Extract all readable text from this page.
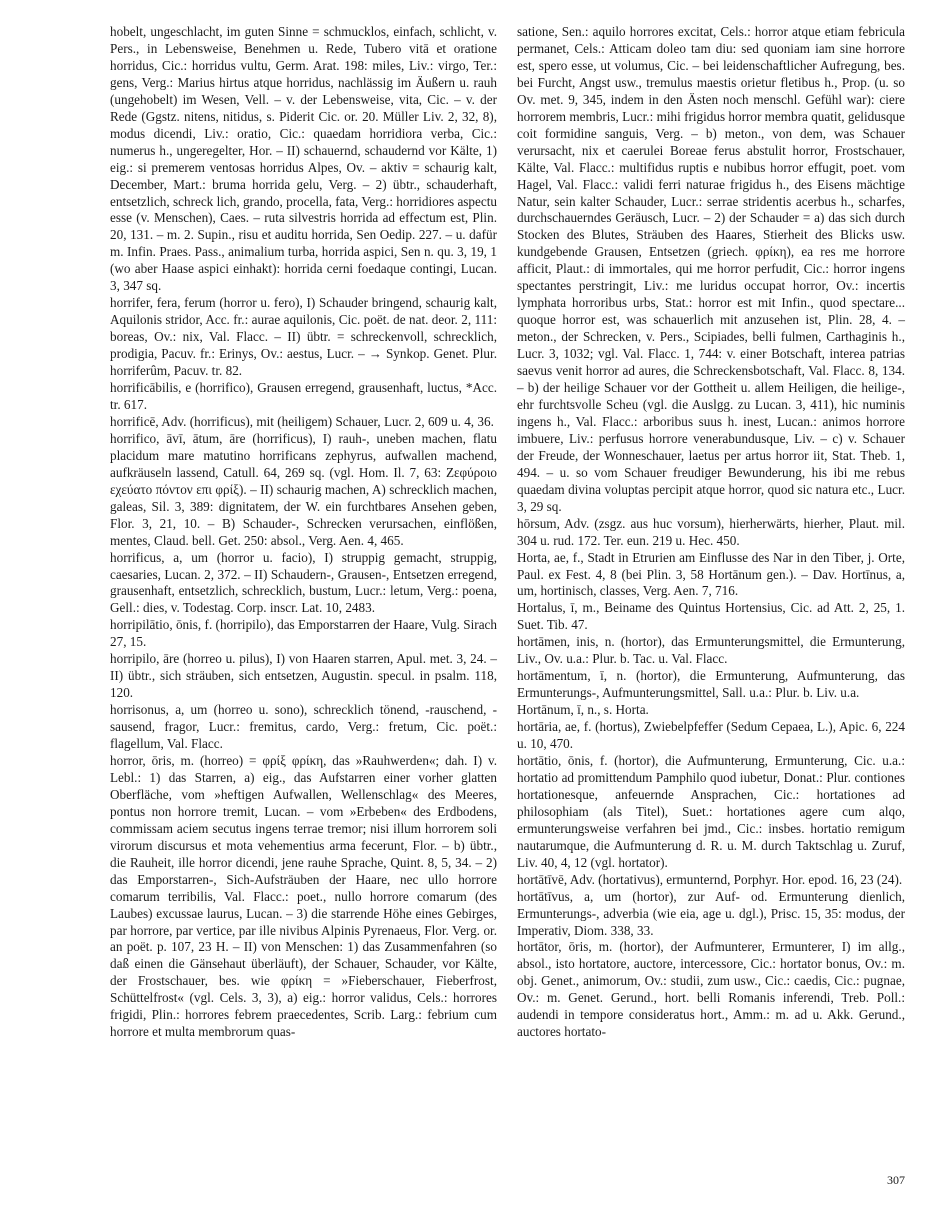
hobelt, ungeschlacht, im guten Sinne = schmucklos, einfach, schlicht, v. Pers., in Lebensweise, Benehmen u. Rede, Tubero vitā et oratione horridus, Cic.: horridus vultu, Germ. Arat. 198: miles, Liv.: virgo, Ter.: gens, Verg.: Marius hirtus atque horridus, nachlässig im Äußern u. rauh (ungehobelt) im Wesen, Vell. – v. der Lebensweise, vita, Cic. – v. der Rede (Ggstz. nitens, nitidus, s. Piderit Cic. or. 20. Müller Liv. 2, 32, 8), modus dicendi, Liv.: oratio, Cic.: quaedam horridiora verba, Cic.: numerus h., ungeregelter, Hor. – II) schauernd, schaudernd vor Kälte, 1) eig.: si premerem ventosas horridus Alpes, Ov. – aktiv = schaurig kalt, December, Mart.: bruma horrida gelu, Verg. – 2) übtr., schauderhaft, entsetzlich, schreck lich, grando, procella, fata, Verg.: horridiores aspectu esse (v. Menschen), Caes. – ruta silvestris horrida ad effectum est, Plin. 20, 131. – m. 2. Supin., risu et auditu horrida, Sen Oedip. 227. – u. dafür m. Infin. Praes. Pass., animalium turba, horrida aspici, Sen n. qu. 3, 19, 1 (wo aber Haase aspici einhakt): horrida cerni foedaque contingi, Lucan. 3, 347 sq.

horrifer, fera, ferum (horror u. fero), I) Schauder bringend, schaurig kalt, Aquilonis stridor, Acc. fr.: aurae aquilonis, Cic. poët. de nat. deor. 2, 111: boreas, Ov.: nix, Val. Flacc. – II) übtr. = schreckenvoll, schrecklich, prodigia, Pacuv. fr.: Erinys, Ov.: aestus, Lucr. – → Synkop. Genet. Plur. horriferûm, Pacuv. tr. 82.

horrificābilis, e (horrifico), Grausen erregend, grausenhaft, luctus, *Acc. tr. 617.

horrificē, Adv. (horrificus), mit (heiligem) Schauer, Lucr. 2, 609 u. 4, 36.

horrifico, āvī, ātum, āre (horrificus), I) rauh-, uneben machen, flatu placidum mare matutino horrificans zephyrus, aufwallen machend, aufkräuseln lassend, Catull. 64, 269 sq. (vgl. Hom. Il. 7, 63: Ζεφύροιο εχεύατο πόντον επι φρίξ). – II) schaurig machen, A) schrecklich machen, galeas, Sil. 3, 389: dignitatem, der W. ein furchtbares Ansehen geben, Flor. 3, 21, 10. – B) Schauder-, Schrecken verursachen, einflößen, mentes, Claud. bell. Get. 250: absol., Verg. Aen. 4, 465.

horrificus, a, um (horror u. facio), I) struppig gemacht, struppig, caesaries, Lucan. 2, 372. – II) Schaudern-, Grausen-, Entsetzen erregend, grausenhaft, entsetzlich, schrecklich, bustum, Lucr.: letum, Verg.: poena, Gell.: dies, v. Todestag. Corp. inscr. Lat. 10, 2483.

horripilātio, ōnis, f. (horripilo), das Emporstarren der Haare, Vulg. Sirach 27, 15.

horripilo, āre (horreo u. pilus), I) von Haaren starren, Apul. met. 3, 24. – II) übtr., sich sträuben, sich entsetzen, Augustin. specul. in psalm. 118, 120.

horrisonus, a, um (horreo u. sono), schrecklich tönend, -rauschend, -sausend, fragor, Lucr.: fremitus, cardo, Verg.: fretum, Cic. poët.: flagellum, Val. Flacc.

horror, ōris, m. (horreo) = φρίξ φρίκη, das »Rauhwerden«; dah. I) v. Lebl.: 1) das Starren, a) eig., das Aufstarren einer vorher glatten Oberfläche, vom »heftigen Aufwallen, Wellenschlag« des Meeres, pontus non horrore tremit, Lucan. – vom »Erbeben« des Erdbodens, commissam aciem secutus ingens terrae tremor; nisi illum horrorem soli virorum discursus et mota vehementius arma fecerunt, Flor. – b) übtr., die Rauheit, ille horror dicendi, jene rauhe Sprache, Quint. 8, 5, 34. – 2) das Emporstarren-, Sich-Aufsträuben der Haare, nec ullo horrore comarum terribilis, Val. Flacc.: poet., nullo horrore comarum (des Laubes) excussae laurus, Lucan. – 3) die starrende Höhe eines Gebirges, par horrore, par vertice, par ille nivibus Alpinis Pyrenaeus, Flor. Verg. or. an poët. p. 107, 23 H. – II) von Menschen: 1) das Zusammenfahren (so daß einen die Gänsehaut überläuft), der Schauer, Schauder, vor Kälte, der Frostschauer, bes. wie φρίκη = »Fieberschauer, Fieberfrost, Schüttelfrost« (vgl. Cels. 3, 3), a) eig.: horror validus, Cels.: horrores frigidi, Plin.: horrores febrem praecedentes, Scrib. Larg.: febrium cum horrore et multa membrorum quas-

satione, Sen.: aquilo horrores excitat, Cels.: horror atque etiam febricula permanet, Cels.: Atticam doleo tam diu: sed quoniam iam sine horrore est, spero esse, ut volumus, Cic. – bei leidenschaftlicher Aufregung, bes. bei Furcht, Angst usw., tremulus maestis orietur fletibus h., Prop. (u. so Ov. met. 9, 345, indem in den Ästen noch menschl. Gefühl war): ciere horrorem membris, Lucr.: mihi frigidus horror membra quatit, gelidusque coit formidine sanguis, Verg. – b) meton., von dem, was Schauer verursacht, nix et caerulei Boreae ferus abstulit horror, Frostschauer, Kälte, Val. Flacc.: multifidus ruptis e nubibus horror effugit, poet. vom Hagel, Val. Flacc.: validi ferri naturae frigidus h., des Eisens mächtige Natur, sein kalter Schauder, Lucr.: serrae stridentis acerbus h., scharfes, durchschauerndes Geräusch, Lucr. – 2) der Schauder = a) das sich durch Stocken des Blutes, Sträuben des Haares, Stierheit des Blicks usw. kundgebende Grausen, Entsetzen (griech. φρίκη), ea res me horrore afficit, Plaut.: di immortales, qui me horror perfudit, Cic.: horror ingens spectantes perstringit, Liv.: me luridus occupat horror, Ov.: incertis lymphata horroribus urbs, Stat.: horror est mit Infin., quod spectare... quoque horror est, was schauerlich mit anzusehen ist, Plin. 28, 4. – meton., der Schrecken, v. Pers., Scipiades, belli fulmen, Carthaginis h., Lucr. 3, 1032; vgl. Val. Flacc. 1, 744: v. einer Botschaft, interea patrias saevus venit horror ad aures, die Schreckensbotschaft, Val. Flacc. 8, 134. – b) der heilige Schauer vor der Gottheit u. allem Heiligen, die heilige-, ehr furchtsvolle Scheu (vgl. die Auslgg. zu Lucan. 3, 411), hic numinis ingens h., Val. Flacc.: arboribus suus h. inest, Lucan.: animos horrore imbuere, Liv.: perfusus horrore venerabundusque, Liv. – c) v. Schauer der Freude, der Wonneschauer, laetus per artus horror iit, Stat. Theb. 1, 494. – u. so vom Schauer freudiger Bewunderung, his ibi me rebus quaedam divina voluptas percipit atque horror, quod sic natura etc., Lucr. 3, 29 sq.

hōrsum, Adv. (zsgz. aus huc vorsum), hierherwärts, hierher, Plaut. mil. 304 u. rud. 172. Ter. eun. 219 u. Hec. 450.

Horta, ae, f., Stadt in Etrurien am Einflusse des Nar in den Tiber, j. Orte, Paul. ex Fest. 4, 8 (bei Plin. 3, 58 Hortānum gen.). – Dav. Hortīnus, a, um, hortinisch, classes, Verg. Aen. 7, 716.

Hortalus, ī, m., Beiname des Quintus Hortensius, Cic. ad Att. 2, 25, 1. Suet. Tib. 47.

hortāmen, inis, n. (hortor), das Ermunterungsmittel, die Ermunterung, Liv., Ov. u.a.: Plur. b. Tac. u. Val. Flacc.

hortāmentum, ī, n. (hortor), die Ermunterung, Aufmunterung, das Ermunterungs-, Aufmunterungsmittel, Sall. u.a.: Plur. b. Liv. u.a.

Hortānum, ī, n., s. Horta.

hortāria, ae, f. (hortus), Zwiebelpfeffer (Sedum Cepaea, L.), Apic. 6, 224 u. 10, 470.

hortātio, ōnis, f. (hortor), die Aufmunterung, Ermunterung, Cic. u.a.: hortatio ad promittendum Pamphilo quod iubetur, Donat.: Plur. contiones hortationesque, anfeuernde Ansprachen, Cic.: hortationes ad philosophiam (als Titel), Suet.: hortationes agere cum alqo, ermunterungsweise verfahren bei jmd., Cic.: insbes. hortatio remigum nautarumque, die Aufmunterung d. R. u. M. durch Taktschlag u. Zuruf, Liv. 40, 4, 12 (vgl. hortator).

hortātīvē, Adv. (hortativus), ermunternd, Porphyr. Hor. epod. 16, 23 (24).

hortātīvus, a, um (hortor), zur Auf- od. Ermunterung dienlich, Ermunterungs-, adverbia (wie eia, age u. dgl.), Prisc. 15, 35: modus, der Imperativ, Diom. 338, 33.

hortātor, ōris, m. (hortor), der Aufmunterer, Ermunterer, I) im allg., absol., isto hortatore, auctore, intercessore, Cic.: hortator bonus, Ov.: m. obj. Genet., animorum, Ov.: studii, zum usw., Cic.: caedis, Cic.: pugnae, Ov.: m. Genet. Gerund., hort. belli Romanis inferendi, Treb. Poll.: audendi in tempore consideratus hort., Amm.: m. ad u. Akk. Gerund., auctores hortato-

307
